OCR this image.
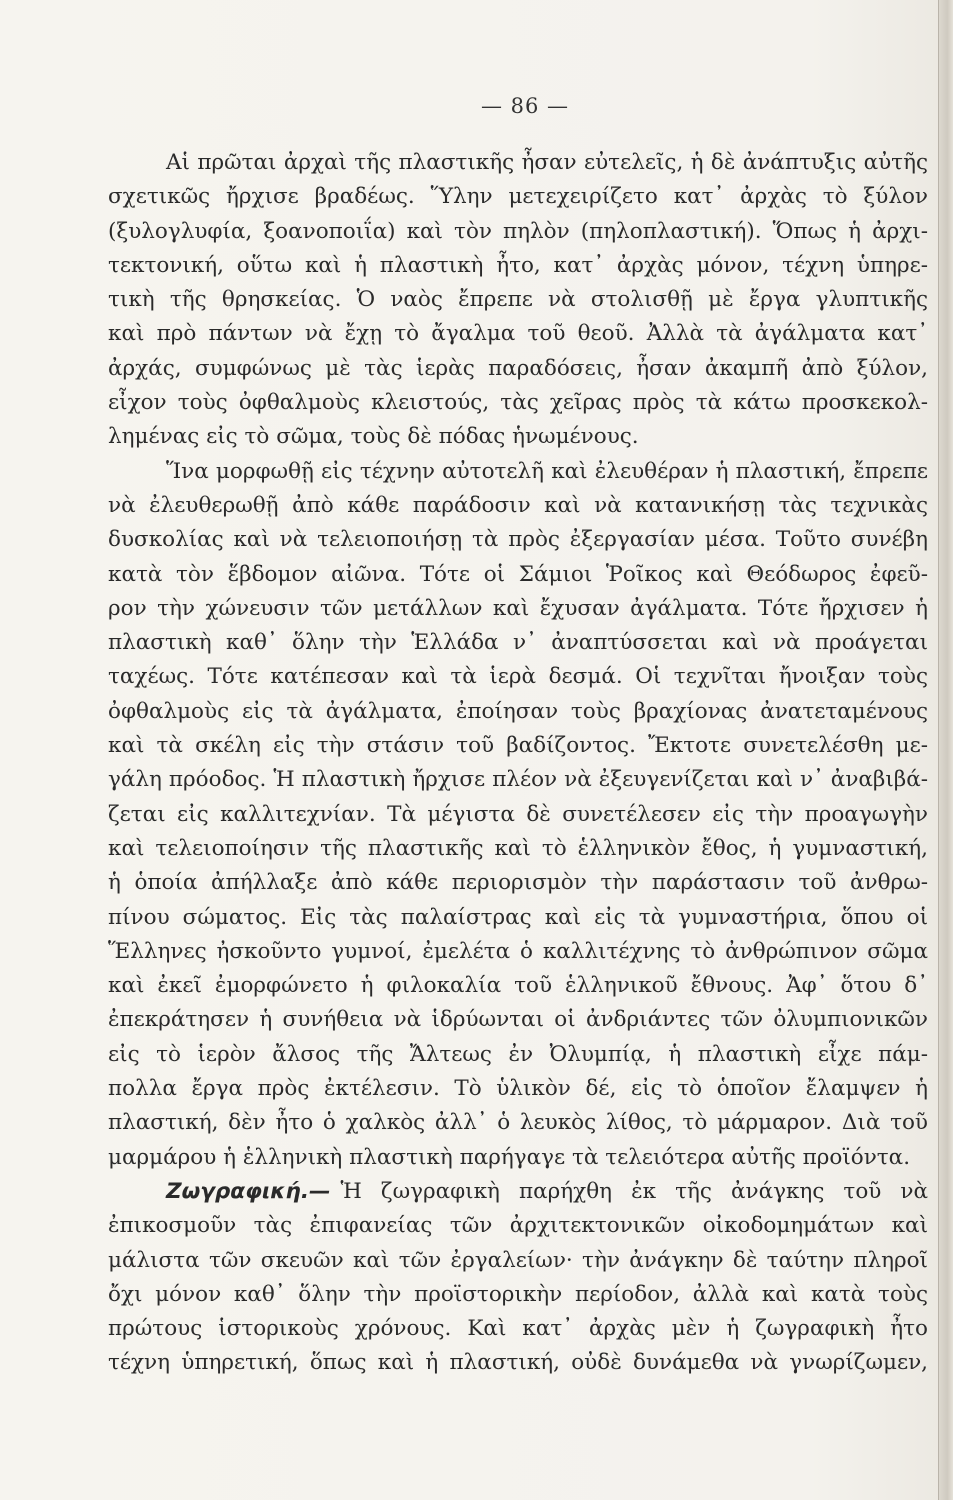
— 86 —
Αἱ πρῶται ἀρχαὶ τῆς πλαστικῆς ἦσαν εὐτελεῖς, ἡ δὲ ἀνάπτυξις αὐτῆς
σχετικῶς ἤρχισε βραδέως. Ὕλην μετεχειρίζετο κατ᾽ ἀρχὰς τὸ ξύλον
(ξυλογλυφία, ξοανοποιΐα) καὶ τὸν πηλὸν (πηλοπλαστική). Ὅπως ἡ ἀρχι-
τεκτονική, οὕτω καὶ ἡ πλαστικὴ ἦτο, κατ᾽ ἀρχὰς μόνον, τέχνη ὑπηρε-
τικὴ τῆς θρησκείας. Ὁ ναὸς ἔπρεπε νὰ στολισθῇ μὲ ἔργα γλυπτικῆς
καὶ πρὸ πάντων νὰ ἔχῃ τὸ ἄγαλμα τοῦ θεοῦ. Ἀλλὰ τὰ ἀγάλματα κατ᾽
ἀρχάς, συμφώνως μὲ τὰς ἱερὰς παραδόσεις, ἦσαν ἀκαμπῆ ἀπὸ ξύλον,
εἶχον τοὺς ὀφθαλμοὺς κλειστούς, τὰς χεῖρας πρὸς τὰ κάτω προσκεκολ-
λημένας εἰς τὸ σῶμα, τοὺς δὲ πόδας ἡνωμένους.
Ἵνα μορφωθῇ εἰς τέχνην αὐτοτελῆ καὶ ἐλευθέραν ἡ πλαστική, ἔπρεπε
νὰ ἐλευθερωθῇ ἀπὸ κάθε παράδοσιν καὶ νὰ κατανικήσῃ τὰς τεχνικὰς
δυσκολίας καὶ νὰ τελειοποιήσῃ τὰ πρὸς ἐξεργασίαν μέσα. Τοῦτο συνέβη
κατὰ τὸν ἕβδομον αἰῶνα. Τότε οἱ Σάμιοι Ῥοῖκος καὶ Θεόδωρος ἐφεῦ-
ρον τὴν χώνευσιν τῶν μετάλλων καὶ ἔχυσαν ἀγάλματα. Τότε ἤρχισεν ἡ
πλαστικὴ καθ᾽ ὅλην τὴν Ἑλλάδα ν᾽ ἀναπτύσσεται καὶ νὰ προάγεται
ταχέως. Τότε κατέπεσαν καὶ τὰ ἱερὰ δεσμά. Οἱ τεχνῖται ἤνοιξαν τοὺς
ὀφθαλμοὺς εἰς τὰ ἀγάλματα, ἐποίησαν τοὺς βραχίονας ἀνατεταμένους
καὶ τὰ σκέλη εἰς τὴν στάσιν τοῦ βαδίζοντος. Ἔκτοτε συνετελέσθη με-
γάλη πρόοδος. Ἡ πλαστικὴ ἤρχισε πλέον νὰ ἐξευγενίζεται καὶ ν᾽ ἀναβιβά-
ζεται εἰς καλλιτεχνίαν. Τὰ μέγιστα δὲ συνετέλεσεν εἰς τὴν προαγωγὴν
καὶ τελειοποίησιν τῆς πλαστικῆς καὶ τὸ ἑλληνικὸν ἔθος, ἡ γυμναστική,
ἡ ὁποία ἀπήλλαξε ἀπὸ κάθε περιορισμὸν τὴν παράστασιν τοῦ ἀνθρω-
πίνου σώματος. Εἰς τὰς παλαίστρας καὶ εἰς τὰ γυμναστήρια, ὅπου οἱ
Ἕλληνες ἠσκοῦντο γυμνοί, ἐμελέτα ὁ καλλιτέχνης τὸ ἀνθρώπινον σῶμα
καὶ ἐκεῖ ἐμορφώνετο ἡ φιλοκαλία τοῦ ἑλληνικοῦ ἔθνους. Ἀφ᾽ ὅτου δ᾽
ἐπεκράτησεν ἡ συνήθεια νὰ ἱδρύωνται οἱ ἀνδριάντες τῶν ὀλυμπιονικῶν
εἰς τὸ ἱερὸν ἄλσος τῆς Ἄλτεως ἐν Ὀλυμπίᾳ, ἡ πλαστικὴ εἶχε πάμ-
πολλα ἔργα πρὸς ἐκτέλεσιν. Τὸ ὑλικὸν δέ, εἰς τὸ ὁποῖον ἔλαμψεν ἡ
πλαστική, δὲν ἦτο ὁ χαλκὸς ἀλλ᾽ ὁ λευκὸς λίθος, τὸ μάρμαρον. Διὰ τοῦ
μαρμάρου ἡ ἑλληνικὴ πλαστικὴ παρήγαγε τὰ τελειότερα αὐτῆς προϊόντα.
Ζωγραφική.— Ἡ ζωγραφικὴ παρήχθη ἐκ τῆς ἀνάγκης τοῦ νὰ
ἐπικοσμοῦν τὰς ἐπιφανείας τῶν ἀρχιτεκτονικῶν οἰκοδομημάτων καὶ
μάλιστα τῶν σκευῶν καὶ τῶν ἐργαλείων· τὴν ἀνάγκην δὲ ταύτην πληροῖ
ὄχι μόνον καθ᾽ ὅλην τὴν προϊστορικὴν περίοδον, ἀλλὰ καὶ κατὰ τοὺς
πρώτους ἱστορικοὺς χρόνους. Καὶ κατ᾽ ἀρχὰς μὲν ἡ ζωγραφικὴ ἦτο
τέχνη ὑπηρετική, ὅπως καὶ ἡ πλαστική, οὐδὲ δυνάμεθα νὰ γνωρίζωμεν,
